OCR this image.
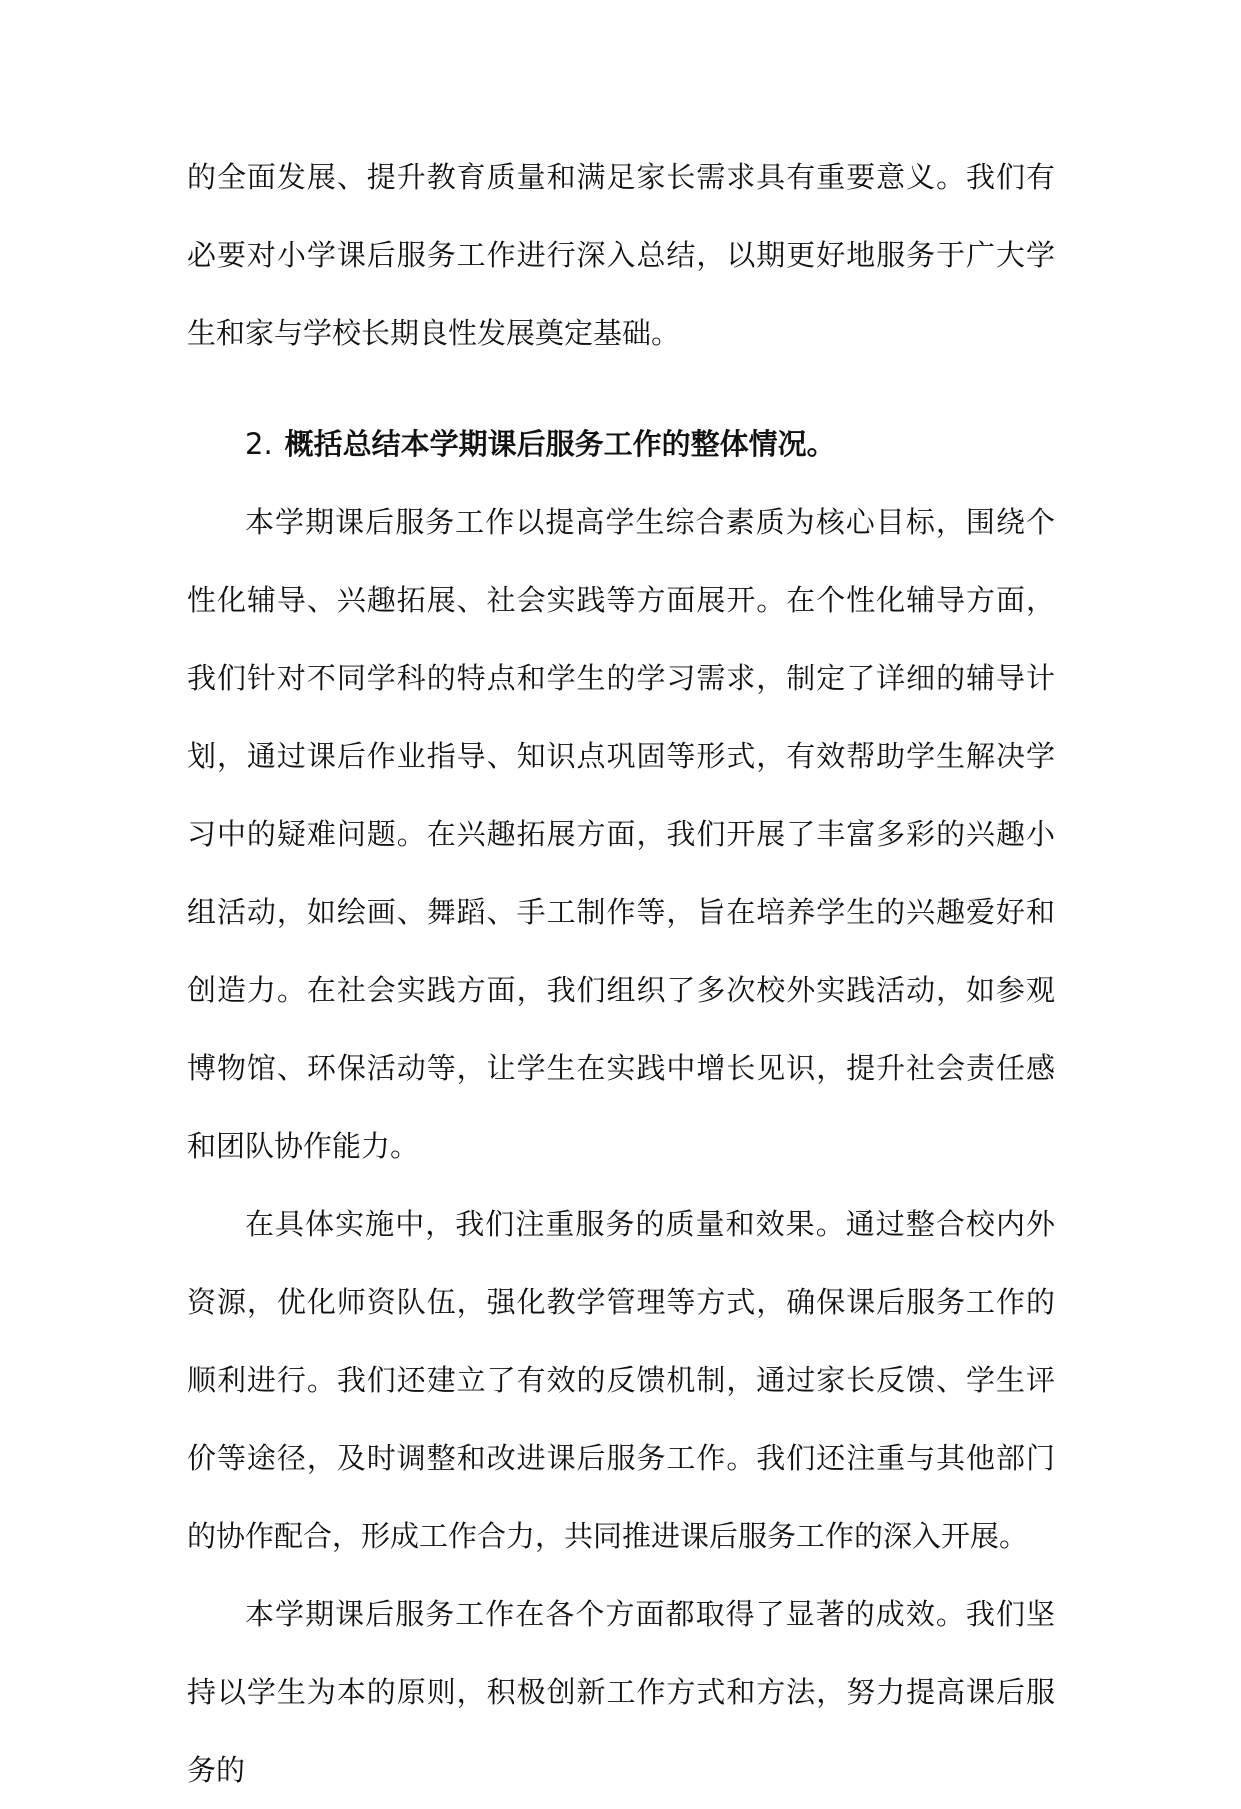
的全面发展、提升教育质量和满足家长需求具有重要意义。我们有必要对小学课后服务工作进行深入总结，以期更好地服务于广大学生和家与学校长期良性发展奠定基础。

2. 概括总结本学期课后服务工作的整体情况。

本学期课后服务工作以提高学生综合素质为核心目标，围绕个性化辅导、兴趣拓展、社会实践等方面展开。在个性化辅导方面，我们针对不同学科的特点和学生的学习需求，制定了详细的辅导计划，通过课后作业指导、知识点巩固等形式，有效帮助学生解决学习中的疑难问题。在兴趣拓展方面，我们开展了丰富多彩的兴趣小组活动，如绘画、舞蹈、手工制作等，旨在培养学生的兴趣爱好和创造力。在社会实践方面，我们组织了多次校外实践活动，如参观博物馆、环保活动等，让学生在实践中增长见识，提升社会责任感和团队协作能力。

在具体实施中，我们注重服务的质量和效果。通过整合校内外资源，优化师资队伍，强化教学管理等方式，确保课后服务工作的顺利进行。我们还建立了有效的反馈机制，通过家长反馈、学生评价等途径，及时调整和改进课后服务工作。我们还注重与其他部门的协作配合，形成工作合力，共同推进课后服务工作的深入开展。

本学期课后服务工作在各个方面都取得了显著的成效。我们坚持以学生为本的原则，积极创新工作方式和方法，努力提高课后服务的
